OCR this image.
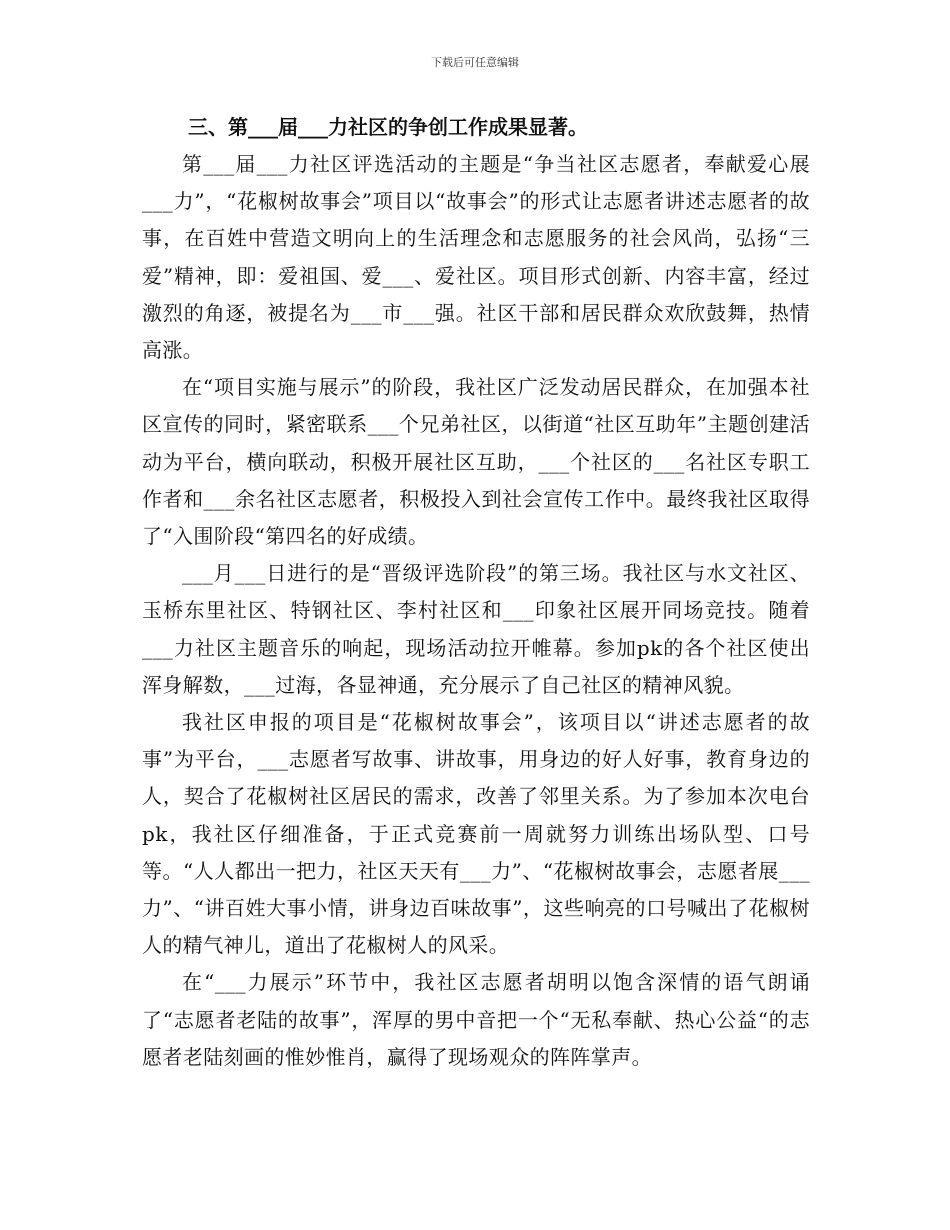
下载后可任意编辑
三、第___届___力社区的争创工作成果显著。

第___届___力社区评选活动的主题是“争当社区志愿者，奉献爱心展___力”，“花椒树故事会”项目以“故事会”的形式让志愿者讲述志愿者的故事，在百姓中营造文明向上的生活理念和志愿服务的社会风尚，弘扬“三爱”精神，即：爱祖国、爱___、爱社区。项目形式创新、内容丰富，经过激烈的角逐，被提名为___市___强。社区干部和居民群众欢欣鼓舞，热情高涨。

在“项目实施与展示”的阶段，我社区广泛发动居民群众，在加强本社区宣传的同时，紧密联系___个兄弟社区，以街道“社区互助年”主题创建活动为平台，横向联动，积极开展社区互助，___个社区的___名社区专职工作者和___余名社区志愿者，积极投入到社会宣传工作中。最终我社区取得了“入围阶段“第四名的好成绩。

___月___日进行的是“晋级评选阶段”的第三场。我社区与水文社区、玉桥东里社区、特钢社区、李村社区和___印象社区展开同场竞技。随着___力社区主题音乐的响起，现场活动拉开帷幕。参加pk的各个社区使出浑身解数，___过海，各显神通，充分展示了自己社区的精神风貌。

我社区申报的项目是“花椒树故事会”，该项目以“讲述志愿者的故事”为平台，___志愿者写故事、讲故事，用身边的好人好事，教育身边的人，契合了花椒树社区居民的需求，改善了邻里关系。为了参加本次电台pk，我社区仔细准备，于正式竞赛前一周就努力训练出场队型、口号等。“人人都出一把力，社区天天有___力”、“花椒树故事会，志愿者展___力”、“讲百姓大事小情，讲身边百味故事”，这些响亮的口号喊出了花椒树人的精气神儿，道出了花椒树人的风采。

在“___力展示”环节中，我社区志愿者胡明以饱含深情的语气朗诵了“志愿者老陆的故事”，浑厚的男中音把一个“无私奉献、热心公益“的志愿者老陆刻画的惟妙惟肖，赢得了现场观众的阵阵掌声。
